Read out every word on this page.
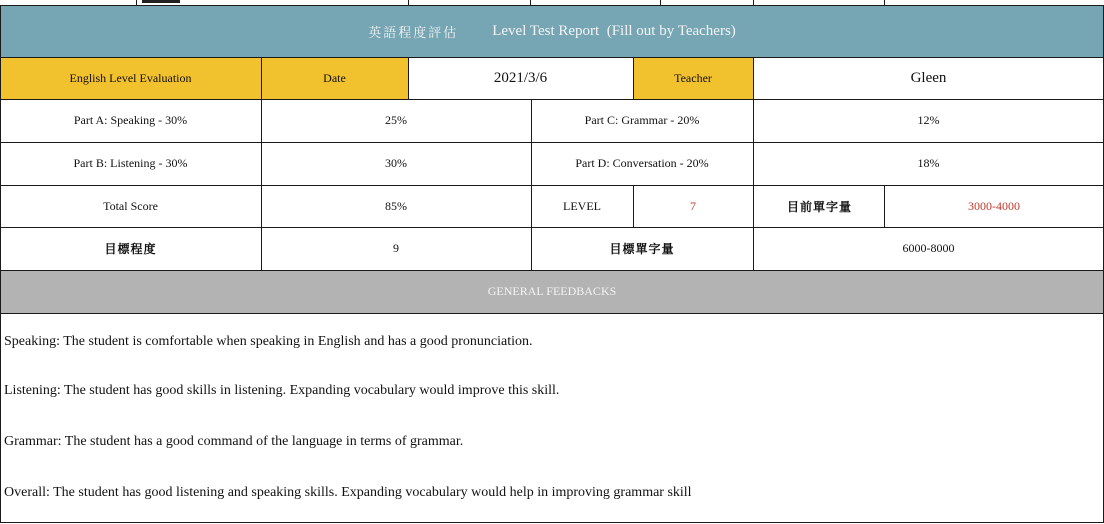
英語程度評估 Level Test Report  (Fill out by Teachers)
English Level Evaluation	Date	2021/3/6	Teacher	Gleen
Part A: Speaking - 30%	25%	Part C: Grammar - 20%	12%
Part B: Listening - 30%	30%	Part D: Conversation - 20%	18%
Total Score	85%	LEVEL	7	目前單字量	3000-4000
目標程度	9	目標單字量	6000-8000
GENERAL FEEDBACKS
Speaking: The student is comfortable when speaking in English and has a good pronunciation.
Listening: The student has good skills in listening. Expanding vocabulary would improve this skill.
Grammar: The student has a good command of the language in terms of grammar.
Overall: The student has good listening and speaking skills. Expanding vocabulary would help in improving grammar skill
